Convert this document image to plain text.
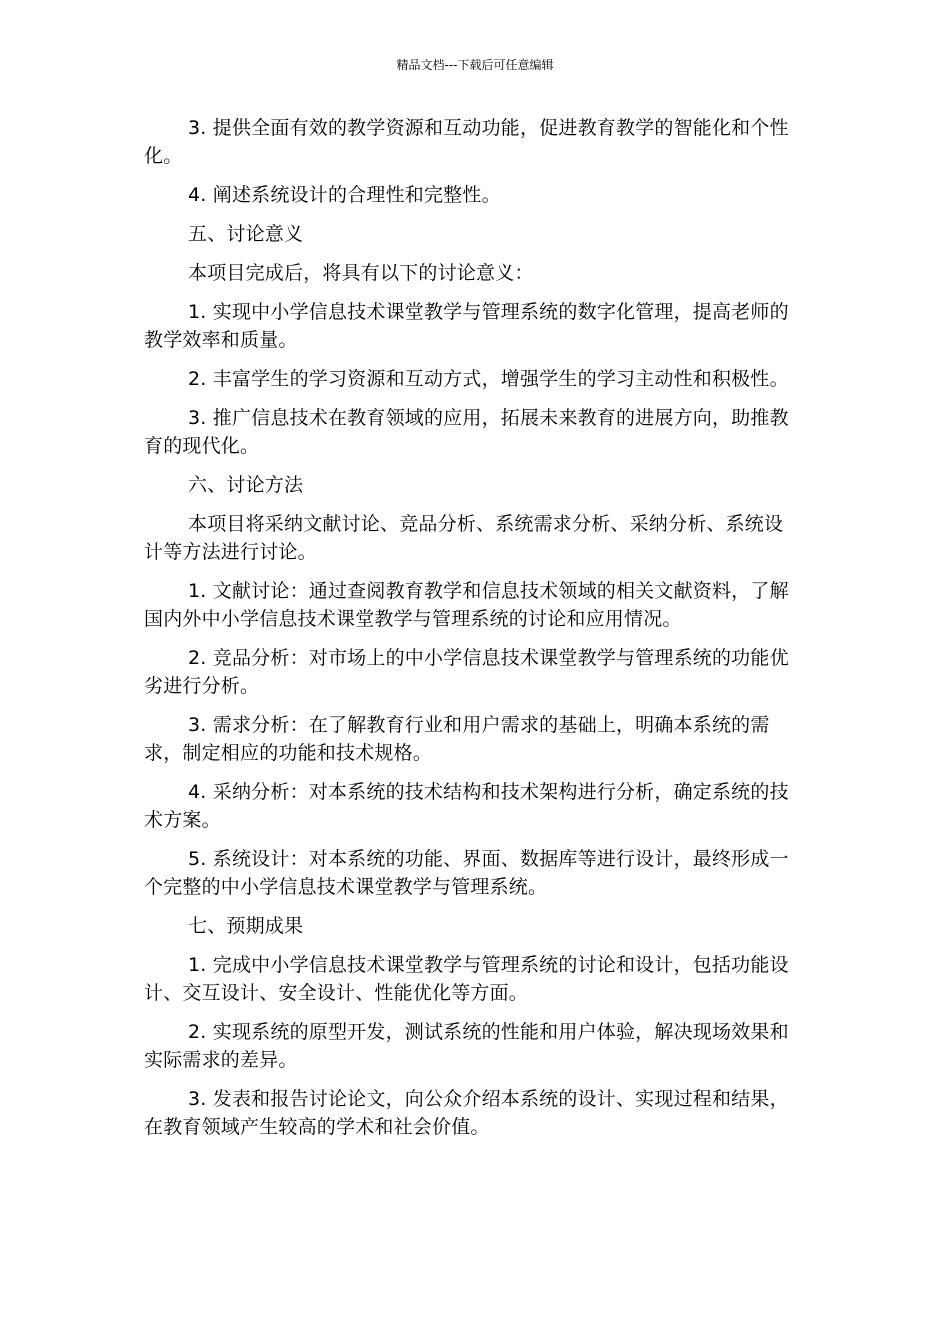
精品文档---下载后可任意编辑

3. 提供全面有效的教学资源和互动功能，促进教育教学的智能化和个性化。

4. 阐述系统设计的合理性和完整性。

五、讨论意义

本项目完成后，将具有以下的讨论意义：

1. 实现中小学信息技术课堂教学与管理系统的数字化管理，提高老师的教学效率和质量。

2. 丰富学生的学习资源和互动方式，增强学生的学习主动性和积极性。

3. 推广信息技术在教育领域的应用，拓展未来教育的进展方向，助推教育的现代化。

六、讨论方法

本项目将采纳文献讨论、竞品分析、系统需求分析、采纳分析、系统设计等方法进行讨论。

1. 文献讨论：通过查阅教育教学和信息技术领域的相关文献资料，了解国内外中小学信息技术课堂教学与管理系统的讨论和应用情况。

2. 竞品分析：对市场上的中小学信息技术课堂教学与管理系统的功能优劣进行分析。

3. 需求分析：在了解教育行业和用户需求的基础上，明确本系统的需求，制定相应的功能和技术规格。

4. 采纳分析：对本系统的技术结构和技术架构进行分析，确定系统的技术方案。

5. 系统设计：对本系统的功能、界面、数据库等进行设计，最终形成一个完整的中小学信息技术课堂教学与管理系统。

七、预期成果

1. 完成中小学信息技术课堂教学与管理系统的讨论和设计，包括功能设计、交互设计、安全设计、性能优化等方面。

2. 实现系统的原型开发，测试系统的性能和用户体验，解决现场效果和实际需求的差异。

3. 发表和报告讨论论文，向公众介绍本系统的设计、实现过程和结果，在教育领域产生较高的学术和社会价值。
